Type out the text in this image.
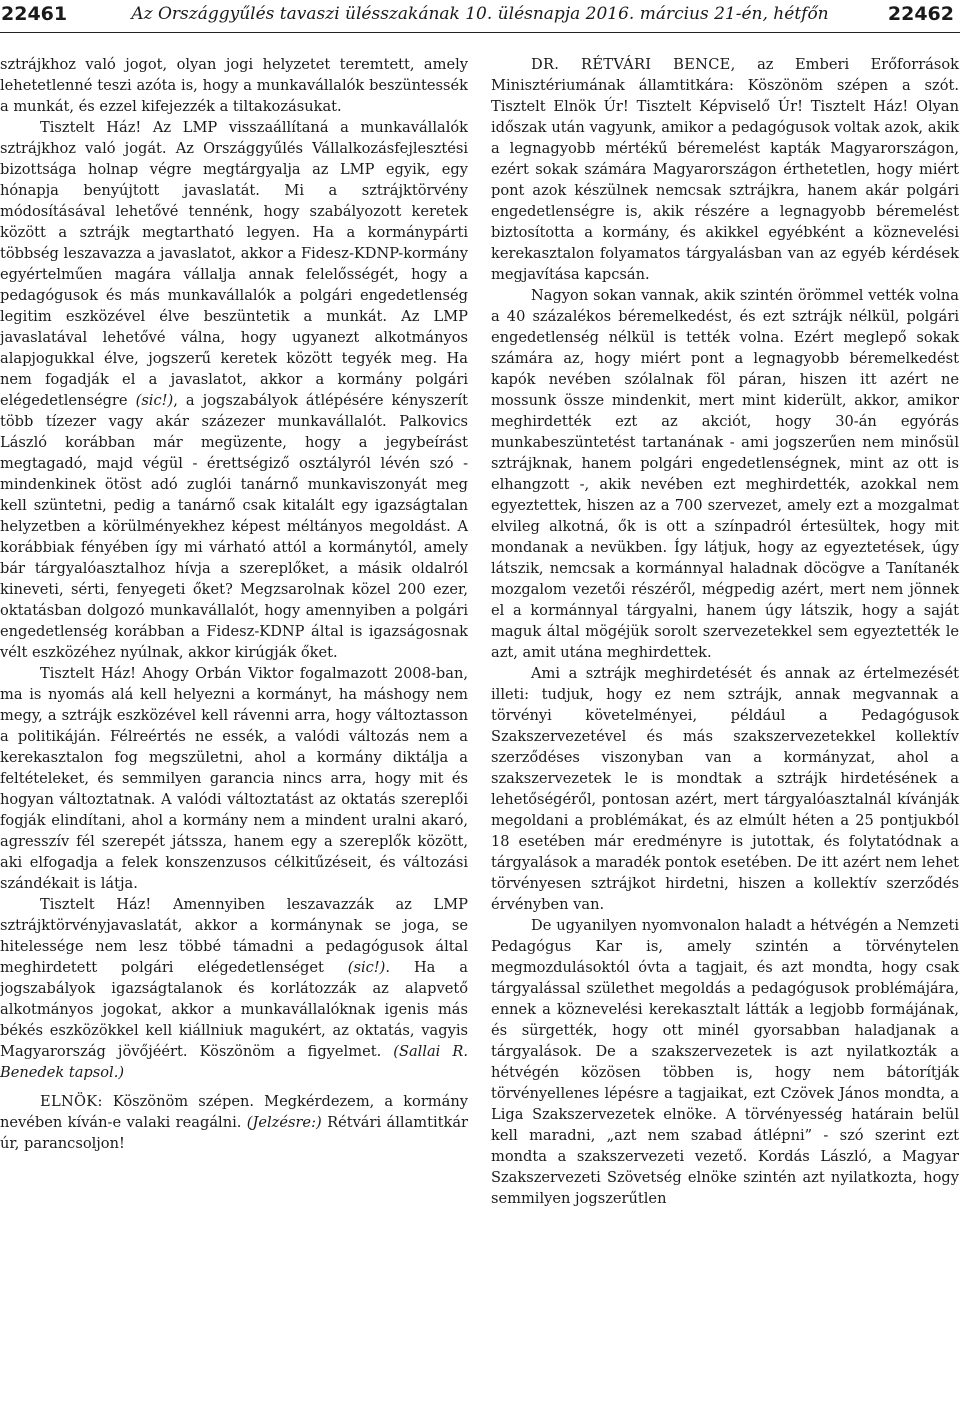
22461	Az Országgyűlés tavaszi ülésszakának 10. ülésnapja 2016. március 21-én, hétfőn	22462

sztrájkhoz való jogot, olyan jogi helyzetet teremtett, amely lehetetlenné teszi azóta is, hogy a munkavállalók beszüntessék a munkát, és ezzel kifejezzék a tiltakozásukat.

Tisztelt Ház! Az LMP visszaállítaná a munkavállalók sztrájkhoz való jogát. Az Országgyűlés Vállalkozásfejlesztési bizottsága holnap végre megtárgyalja az LMP egyik, egy hónapja benyújtott javaslatát. Mi a sztrájktörvény módosításával lehetővé tennénk, hogy szabályozott keretek között a sztrájk megtartható legyen. Ha a kormánypárti többség leszavazza a javaslatot, akkor a Fidesz-KDNP-kormány egyértelműen magára vállalja annak felelősségét, hogy a pedagógusok és más munkavállalók a polgári engedetlenség legitim eszközével élve beszüntetik a munkát. Az LMP javaslatával lehetővé válna, hogy ugyanezt alkotmányos alapjogukkal élve, jogszerű keretek között tegyék meg. Ha nem fogadják el a javaslatot, akkor a kormány polgári elégedetlenségre (sic!), a jogszabályok átlépésére kényszerít több tízezer vagy akár százezer munkavállalót. Palkovics László korábban már megüzente, hogy a jegybeírást megtagadó, majd végül - érettségiző osztályról lévén szó - mindenkinek ötöst adó zuglói tanárnő munkaviszonyát meg kell szüntetni, pedig a tanárnő csak kitalált egy igazságtalan helyzetben a körülményekhez képest méltányos megoldást. A korábbiak fényében így mi várható attól a kormánytól, amely bár tárgyalóasztalhoz hívja a szereplőket, a másik oldalról kineveti, sérti, fenyegeti őket? Megzsarolnak közel 200 ezer, oktatásban dolgozó munkavállalót, hogy amennyiben a polgári engedetlenség korábban a Fidesz-KDNP által is igazságosnak vélt eszközéhez nyúlnak, akkor kirúgják őket.

Tisztelt Ház! Ahogy Orbán Viktor fogalmazott 2008-ban, ma is nyomás alá kell helyezni a kormányt, ha máshogy nem megy, a sztrájk eszközével kell rávenni arra, hogy változtasson a politikáján. Félreértés ne essék, a valódi változás nem a kerekasztalon fog megszületni, ahol a kormány diktálja a feltételeket, és semmilyen garancia nincs arra, hogy mit és hogyan változtatnak. A valódi változtatást az oktatás szereplői fogják elindítani, ahol a kormány nem a mindent uralni akaró, agresszív fél szerepét játssza, hanem egy a szereplők között, aki elfogadja a felek konszenzusos célkitűzéseit, és változási szándékait is látja.

Tisztelt Ház! Amennyiben leszavazzák az LMP sztrájktörvényjavaslatát, akkor a kormánynak se joga, se hitelessége nem lesz többé támadni a pedagógusok által meghirdetett polgári elégedetlenséget (sic!). Ha a jogszabályok igazságtalanok és korlátozzák az alapvető alkotmányos jogokat, akkor a munkavállalóknak igenis más békés eszközökkel kell kiállniuk magukért, az oktatás, vagyis Magyarország jövőjéért. Köszönöm a figyelmet. (Sallai R. Benedek tapsol.)

ELNÖK: Köszönöm szépen. Megkérdezem, a kormány nevében kíván-e valaki reagálni. (Jelzésre:) Rétvári államtitkár úr, parancsoljon!

DR. RÉTVÁRI BENCE, az Emberi Erőforrások Minisztériumának államtitkára: Köszönöm szépen a szót. Tisztelt Elnök Úr! Tisztelt Képviselő Úr! Tisztelt Ház! Olyan időszak után vagyunk, amikor a pedagógusok voltak azok, akik a legnagyobb mértékű béremelést kapták Magyarországon, ezért sokak számára Magyarországon érthetetlen, hogy miért pont azok készülnek nemcsak sztrájkra, hanem akár polgári engedetlenségre is, akik részére a legnagyobb béremelést biztosította a kormány, és akikkel egyébként a köznevelési kerekasztalon folyamatos tárgyalásban van az egyéb kérdések megjavítása kapcsán.

Nagyon sokan vannak, akik szintén örömmel vették volna a 40 százalékos béremelkedést, és ezt sztrájk nélkül, polgári engedetlenség nélkül is tették volna. Ezért meglepő sokak számára az, hogy miért pont a legnagyobb béremelkedést kapók nevében szólalnak föl páran, hiszen itt azért ne mossunk össze mindenkit, mert mint kiderült, akkor, amikor meghirdették ezt az akciót, hogy 30-án egyórás munkabeszüntetést tartanának - ami jogszerűen nem minősül sztrájknak, hanem polgári engedetlenségnek, mint az ott is elhangzott -, akik nevében ezt meghirdették, azokkal nem egyeztettek, hiszen az a 700 szervezet, amely ezt a mozgalmat elvileg alkotná, ők is ott a színpadról értesültek, hogy mit mondanak a nevükben. Így látjuk, hogy az egyeztetések, úgy látszik, nemcsak a kormánnyal haladnak döcögve a Tanítanék mozgalom vezetői részéről, mégpedig azért, mert nem jönnek el a kormánnyal tárgyalni, hanem úgy látszik, hogy a saját maguk által mögéjük sorolt szervezetekkel sem egyeztették le azt, amit utána meghirdettek.

Ami a sztrájk meghirdetését és annak az értelmezését illeti: tudjuk, hogy ez nem sztrájk, annak megvannak a törvényi követelményei, például a Pedagógusok Szakszervezetével és más szakszervezetekkel kollektív szerződéses viszonyban van a kormányzat, ahol a szakszervezetek le is mondtak a sztrájk hirdetésének a lehetőségéről, pontosan azért, mert tárgyalóasztalnál kívánják megoldani a problémákat, és az elmúlt héten a 25 pontjukból 18 esetében már eredményre is jutottak, és folytatódnak a tárgyalások a maradék pontok esetében. De itt azért nem lehet törvényesen sztrájkot hirdetni, hiszen a kollektív szerződés érvényben van.

De ugyanilyen nyomvonalon haladt a hétvégén a Nemzeti Pedagógus Kar is, amely szintén a törvénytelen megmozdulásoktól óvta a tagjait, és azt mondta, hogy csak tárgyalással születhet megoldás a pedagógusok problémájára, ennek a köznevelési kerekasztalt látták a legjobb formájának, és sürgették, hogy ott minél gyorsabban haladjanak a tárgyalások. De a szakszervezetek is azt nyilatkozták a hétvégén közösen többen is, hogy nem bátorítják törvényellenes lépésre a tagjaikat, ezt Czövek János mondta, a Liga Szakszervezetek elnöke. A törvényesség határain belül kell maradni, „azt nem szabad átlépni” - szó szerint ezt mondta a szakszervezeti vezető. Kordás László, a Magyar Szakszervezeti Szövetség elnöke szintén azt nyilatkozta, hogy semmilyen jogszerűtlen
